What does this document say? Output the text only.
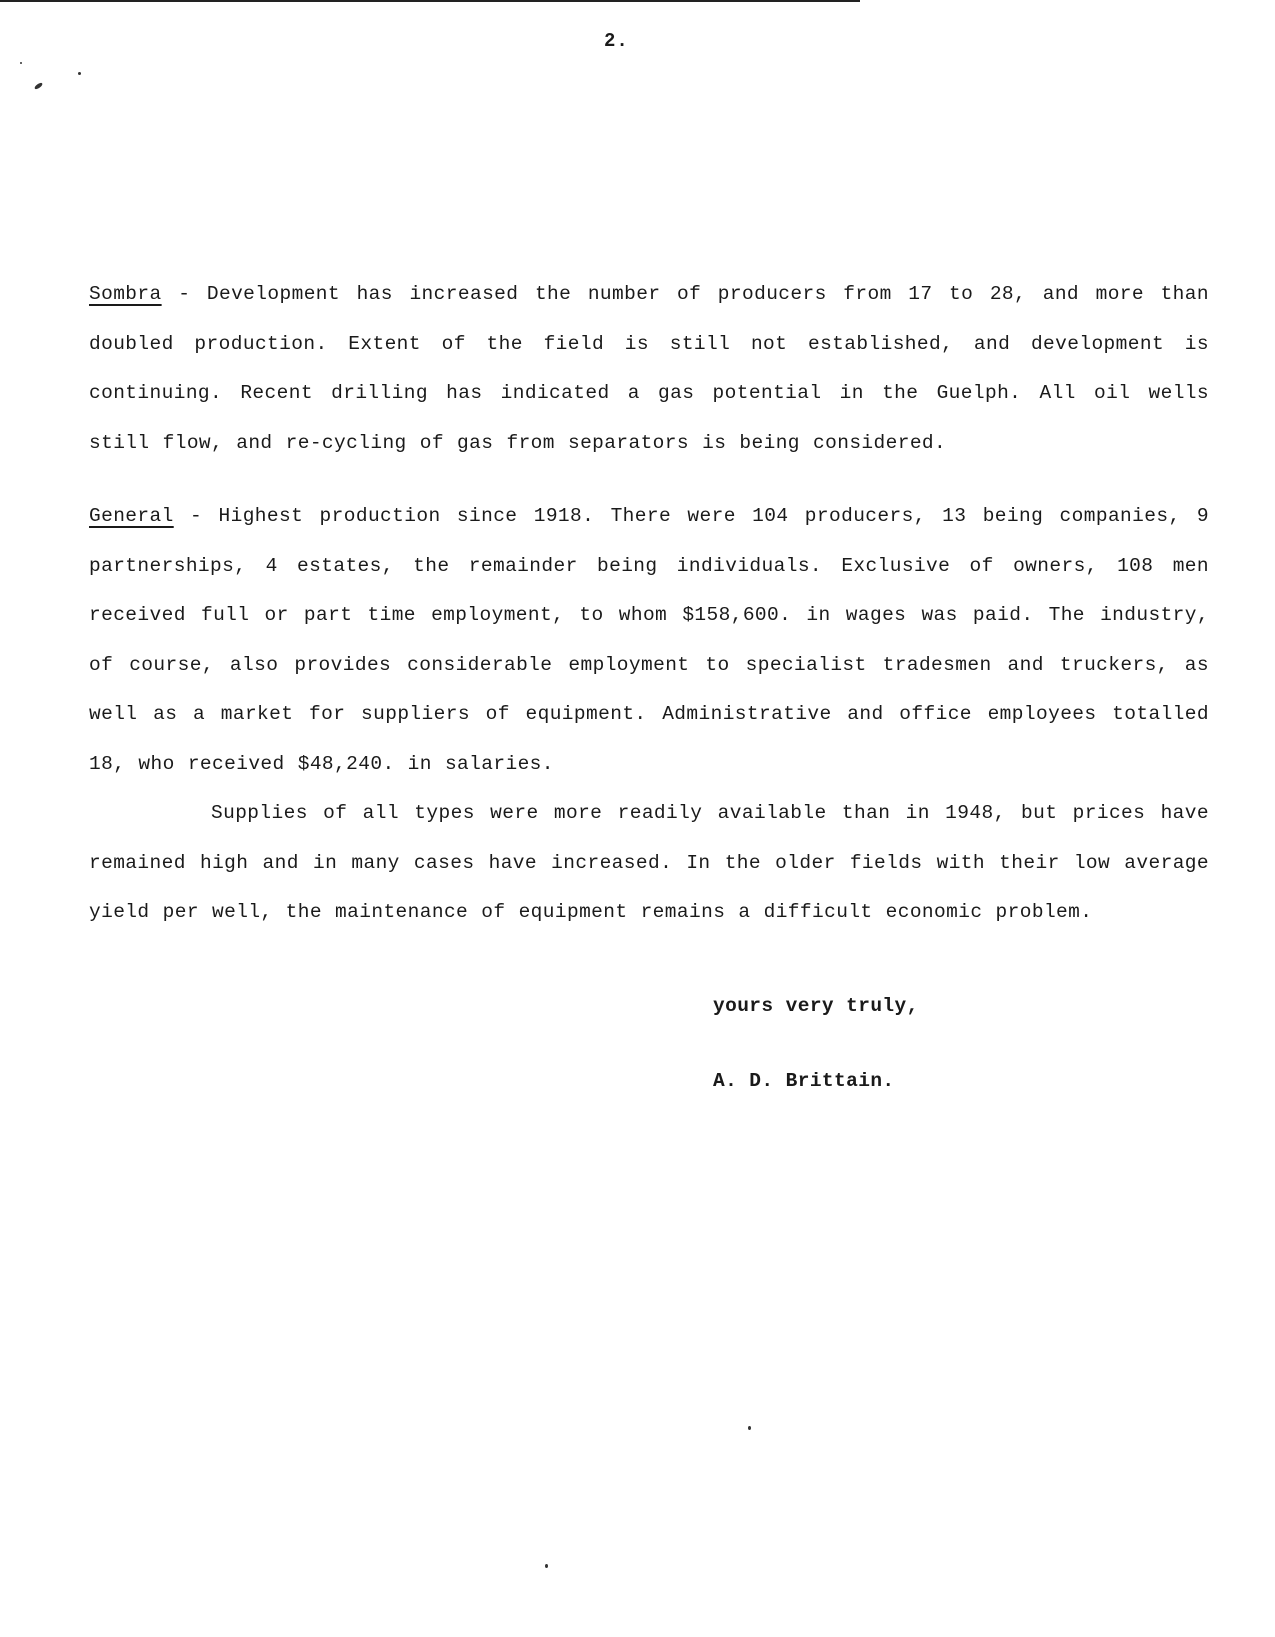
2.

Sombra - Development has increased the number of producers from 17 to 28, and more than doubled production. Extent of the field is still not established, and development is continuing. Recent drilling has indicated a gas potential in the Guelph. All oil wells still flow, and re-cycling of gas from separators is being considered.

General - Highest production since 1918. There were 104 producers, 13 being companies, 9 partnerships, 4 estates, the remainder being individuals. Exclusive of owners, 108 men received full or part time employment, to whom $158,600. in wages was paid. The industry, of course, also provides considerable employment to specialist tradesmen and truckers, as well as a market for suppliers of equipment. Administrative and office employees totalled 18, who received $48,240. in salaries.

Supplies of all types were more readily available than in 1948, but prices have remained high and in many cases have increased. In the older fields with their low average yield per well, the maintenance of equipment remains a difficult economic problem.

yours very truly,
A. D. Brittain.
